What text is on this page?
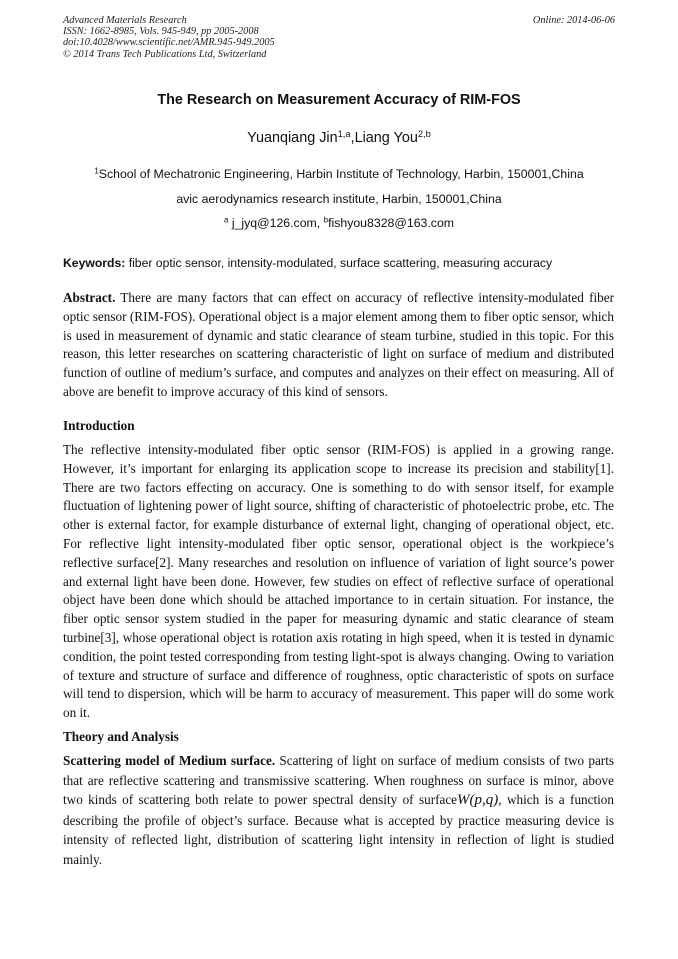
Advanced Materials Research
ISSN: 1662-8985, Vols. 945-949, pp 2005-2008
doi:10.4028/www.scientific.net/AMR.945-949.2005
© 2014 Trans Tech Publications Ltd, Switzerland
Online: 2014-06-06
The Research on Measurement Accuracy of RIM-FOS
Yuanqiang Jin$^{1,a}$,Liang You$^{2,b}$
$^1$School of Mechatronic Engineering, Harbin Institute of Technology, Harbin, 150001,China
avic aerodynamics research institute, Harbin, 150001,China
$^a$ j_jyq@126.com, $^b$fishyou8328@163.com
Keywords: fiber optic sensor, intensity-modulated, surface scattering, measuring accuracy
Abstract. There are many factors that can effect on accuracy of reflective intensity-modulated fiber optic sensor (RIM-FOS). Operational object is a major element among them to fiber optic sensor, which is used in measurement of dynamic and static clearance of steam turbine, studied in this topic. For this reason, this letter researches on scattering characteristic of light on surface of medium and distributed function of outline of medium’s surface, and computes and analyzes on their effect on measuring. All of above are benefit to improve accuracy of this kind of sensors.
Introduction
The reflective intensity-modulated fiber optic sensor (RIM-FOS) is applied in a growing range. However, it’s important for enlarging its application scope to increase its precision and stability[1]. There are two factors effecting on accuracy. One is something to do with sensor itself, for example fluctuation of lightening power of light source, shifting of characteristic of photoelectric probe, etc. The other is external factor, for example disturbance of external light, changing of operational object, etc. For reflective light intensity-modulated fiber optic sensor, operational object is the workpiece’s reflective surface[2]. Many researches and resolution on influence of variation of light source’s power and external light have been done. However, few studies on effect of reflective surface of operational object have been done which should be attached importance to in certain situation. For instance, the fiber optic sensor system studied in the paper for measuring dynamic and static clearance of steam turbine[3], whose operational object is rotation axis rotating in high speed, when it is tested in dynamic condition, the point tested corresponding from testing light-spot is always changing. Owing to variation of texture and structure of surface and difference of roughness, optic characteristic of spots on surface will tend to dispersion, which will be harm to accuracy of measurement. This paper will do some work on it.
Theory and Analysis
Scattering model of Medium surface. Scattering of light on surface of medium consists of two parts that are reflective scattering and transmissive scattering. When roughness on surface is minor, above two kinds of scattering both relate to power spectral density of surfaceW(p,q), which is a function describing the profile of object’s surface. Because what is accepted by practice measuring device is intensity of reflected light, distribution of scattering light intensity in reflection of light is studied mainly.
